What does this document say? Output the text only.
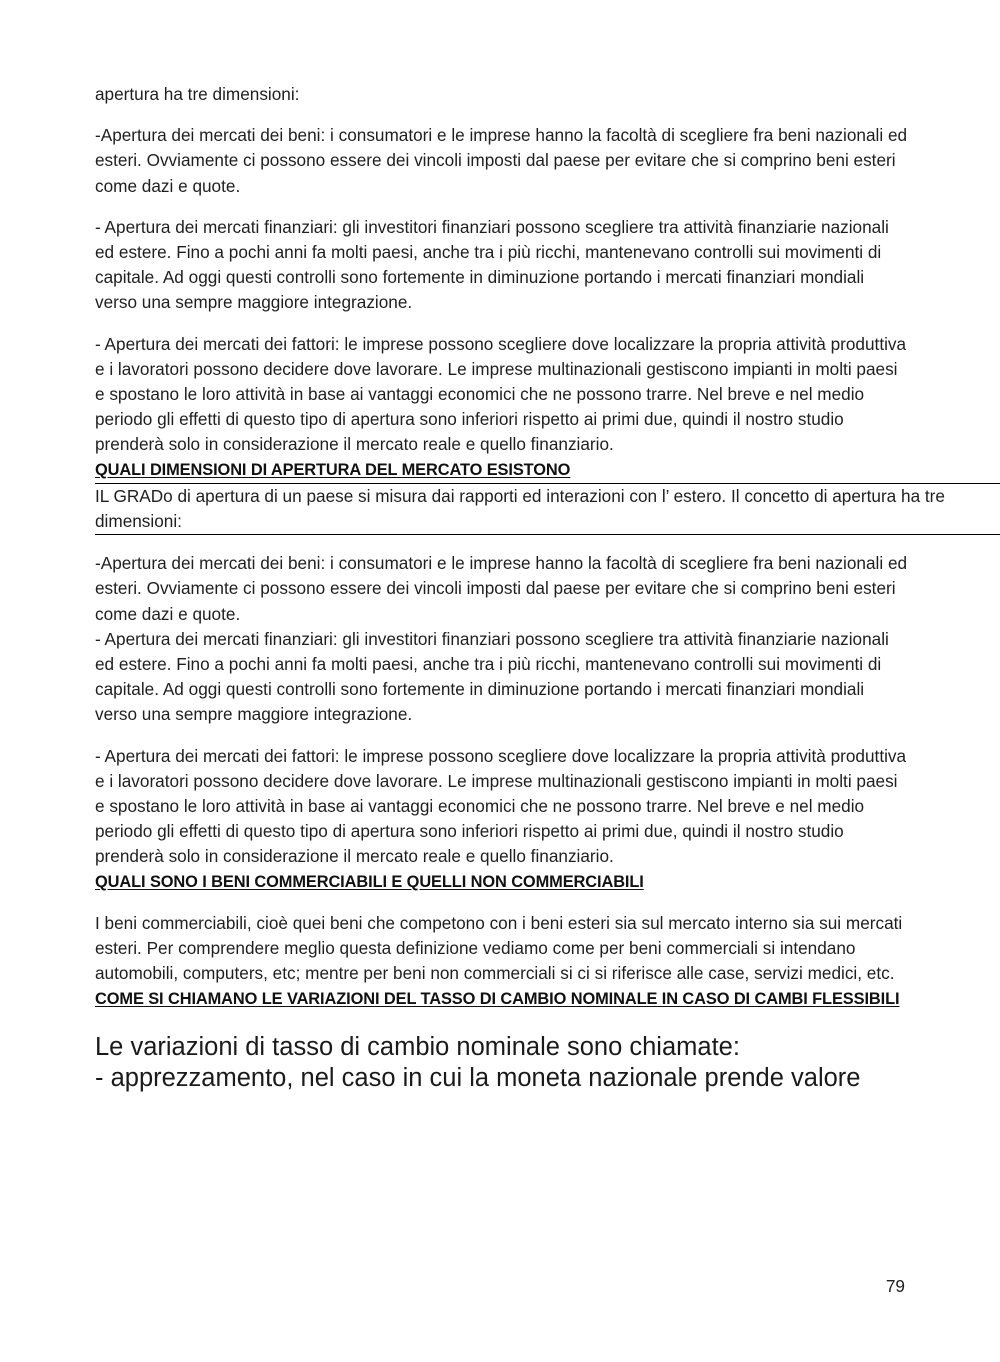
apertura ha tre dimensioni:

-Apertura dei mercati dei beni: i consumatori e le imprese hanno la facoltà di scegliere fra beni nazionali ed esteri. Ovviamente ci possono essere dei vincoli imposti dal paese per evitare che si comprino beni esteri come dazi e quote.

- Apertura dei mercati finanziari: gli investitori finanziari possono scegliere tra attività finanziarie nazionali ed estere. Fino a pochi anni fa molti paesi, anche tra i più ricchi, mantenevano controlli sui movimenti di capitale. Ad oggi questi controlli sono fortemente in diminuzione portando i mercati finanziari mondiali verso una sempre maggiore integrazione.

- Apertura dei mercati dei fattori: le imprese possono scegliere dove localizzare la propria attività produttiva e i lavoratori possono decidere dove lavorare. Le imprese multinazionali gestiscono impianti in molti paesi e spostano le loro attività in base ai vantaggi economici che ne possono trarre. Nel breve e nel medio periodo gli effetti di questo tipo di apertura sono inferiori rispetto ai primi due, quindi il nostro studio prenderà solo in considerazione il mercato reale e quello finanziario.

QUALI DIMENSIONI DI APERTURA DEL MERCATO ESISTONO

IL GRADo di apertura di un paese si misura dai rapporti ed interazioni con l’ estero. Il concetto di apertura ha tre dimensioni:

-Apertura dei mercati dei beni: i consumatori e le imprese hanno la facoltà di scegliere fra beni nazionali ed esteri. Ovviamente ci possono essere dei vincoli imposti dal paese per evitare che si comprino beni esteri come dazi e quote.

- Apertura dei mercati finanziari: gli investitori finanziari possono scegliere tra attività finanziarie nazionali ed estere. Fino a pochi anni fa molti paesi, anche tra i più ricchi, mantenevano controlli sui movimenti di capitale. Ad oggi questi controlli sono fortemente in diminuzione portando i mercati finanziari mondiali verso una sempre maggiore integrazione.

- Apertura dei mercati dei fattori: le imprese possono scegliere dove localizzare la propria attività produttiva e i lavoratori possono decidere dove lavorare. Le imprese multinazionali gestiscono impianti in molti paesi e spostano le loro attività in base ai vantaggi economici che ne possono trarre. Nel breve e nel medio periodo gli effetti di questo tipo di apertura sono inferiori rispetto ai primi due, quindi il nostro studio prenderà solo in considerazione il mercato reale e quello finanziario.

QUALI SONO I BENI COMMERCIABILI E QUELLI NON COMMERCIABILI

I beni commerciabili, cioè quei beni che competono con i beni esteri sia sul mercato interno sia sui mercati esteri. Per comprendere meglio questa definizione vediamo come per beni commerciali si intendano automobili, computers, etc; mentre per beni non commerciali si ci si riferisce alle case, servizi medici, etc.

COME SI CHIAMANO LE VARIAZIONI DEL TASSO DI CAMBIO NOMINALE IN CASO DI CAMBI FLESSIBILI
Le variazioni di tasso di cambio nominale sono chiamate:
- apprezzamento, nel caso in cui la moneta nazionale prende valore
79
